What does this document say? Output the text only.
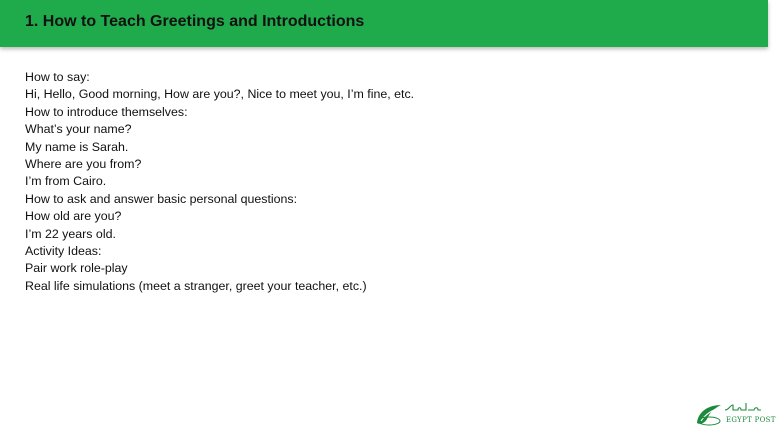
1. How to Teach Greetings and Introductions
How to say:
Hi, Hello, Good morning, How are you?, Nice to meet you, I’m fine, etc.
How to introduce themselves:
What’s your name?
My name is Sarah.
Where are you from?
I’m from Cairo.
How to ask and answer basic personal questions:
How old are you?
I’m 22 years old.
Activity Ideas:
Pair work role-play
Real life simulations (meet a stranger, greet your teacher, etc.)
EGYPT POST
